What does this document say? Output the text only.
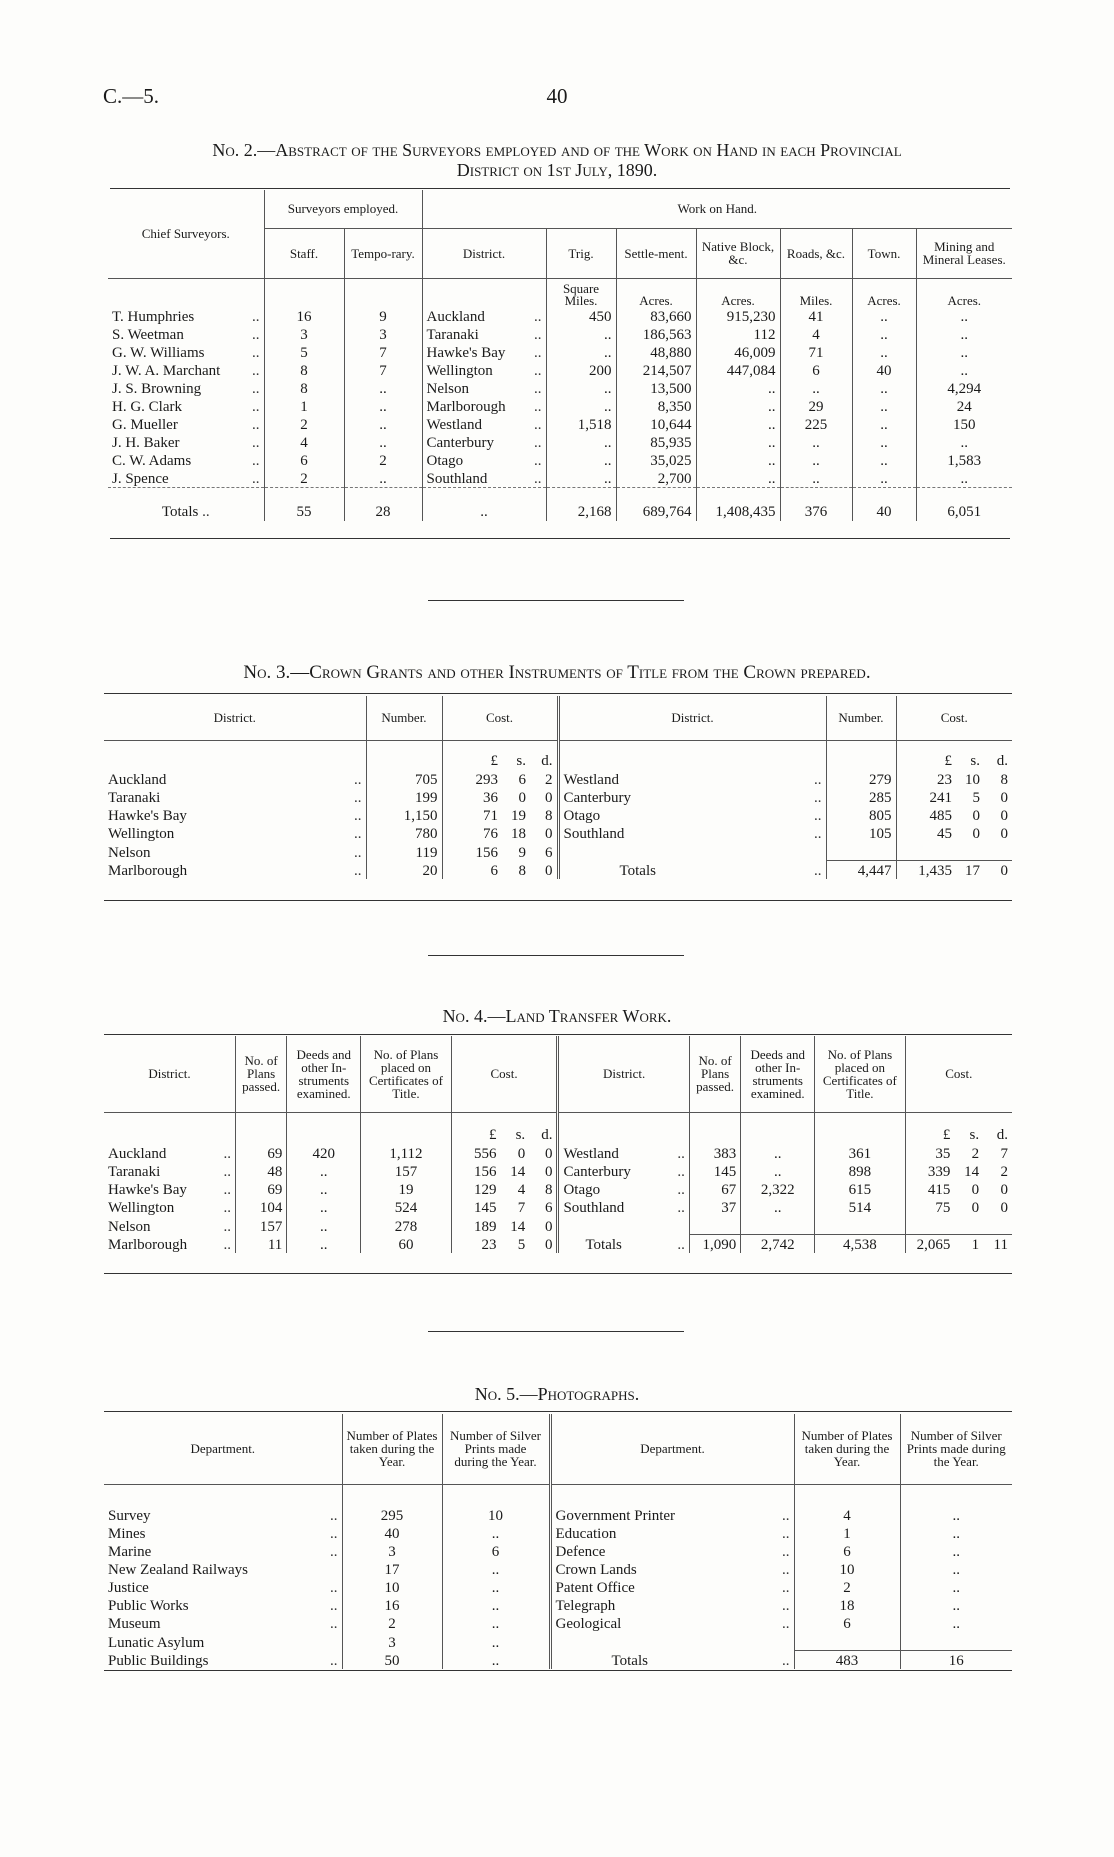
C.—5.	40
No. 2.—Abstract of the Surveyors employed and of the Work on Hand in each Provincial
District on 1st July, 1890.
Chief Surveyors.	Surveyors employed.		Work on Hand.						
	Staff.	Tempo-rary.	District.	Trig.	Settle-ment.	Native Block, &c.	Roads, &c.	Town.	Mining and Mineral Leases.
				Square Miles.	Acres.	Acres.	Miles.	Acres.	Acres.
T. Humphries ..	16	9	Auckland ..	450	83,660	915,230	41	..	..
S. Weetman ..	3	3	Taranaki ..	..	186,563	112	4	..	..
G. W. Williams ..	5	7	Hawke's Bay ..	..	48,880	46,009	71	..	..
J. W. A. Marchant ..	8	7	Wellington ..	200	214,507	447,084	6	40	..
J. S. Browning ..	8	..	Nelson ..	..	13,500	..	..	..	4,294
H. G. Clark ..	1	..	Marlborough ..	..	8,350	..	29	..	24
G. Mueller ..	2	..	Westland ..	1,518	10,644	..	225	..	150
J. H. Baker ..	4	..	Canterbury ..	..	85,935	..	..	..	..
C. W. Adams ..	6	2	Otago ..	..	35,025	..	..	..	1,583
J. Spence ..	2	..	Southland ..	..	2,700	..	..	..	..
Totals ..	55	28	..	2,168	689,764	1,408,435	376	40	6,051
No. 3.—Crown Grants and other Instruments of Title from the Crown prepared.
District.	Number.	Cost.			District.	Number.	Cost.		
		£	s.	d.			£	s.	d.
Auckland ..	705	293	6	2	Westland ..	279	23	10	8
Taranaki ..	199	36	0	0	Canterbury ..	285	241	5	0
Hawke's Bay ..	1,150	71	19	8	Otago ..	805	485	0	0
Wellington ..	780	76	18	0	Southland ..	105	45	0	0
Nelson ..	119	156	9	6					
Marlborough ..	20	6	8	0	Totals ..	4,447	1,435	17	0
No. 4.—Land Transfer Work.
District.	No. of Plans passed.	Deeds and other In-struments examined.	No. of Plans placed on Certificates of Title.	Cost.			District.	No. of Plans passed.	Deeds and other In-struments examined.	No. of Plans placed on Certificates of Title.	Cost.		
				£	s.	d.					£	s.	d.
Auckland ..	69	420	1,112	556	0	0	Westland ..	383	..	361	35	2	7
Taranaki ..	48	..	157	156	14	0	Canterbury ..	145	..	898	339	14	2
Hawke's Bay ..	69	..	19	129	4	8	Otago ..	67	2,322	615	415	0	0
Wellington ..	104	..	524	145	7	6	Southland ..	37	..	514	75	0	0
Nelson ..	157	..	278	189	14	0							
Marlborough ..	11	..	60	23	5	0	Totals ..	1,090	2,742	4,538	2,065	1	11
No. 5.—Photographs.
Department.	Number of Plates taken during the Year.	Number of Silver Prints made during the Year.	Department.	Number of Plates taken during the Year.	Number of Silver Prints made during the Year.

Survey ..	295	10	Government Printer ..	4	..
Mines ..	40	..	Education ..	1	..
Marine ..	3	6	Defence ..	6	..
New Zealand Railways	17	..	Crown Lands ..	10	..
Justice ..	10	..	Patent Office ..	2	..
Public Works ..	16	..	Telegraph ..	18	..
Museum ..	2	..	Geological ..	6	..
Lunatic Asylum	3	..			
Public Buildings ..	50	..	Totals ..	483	16
